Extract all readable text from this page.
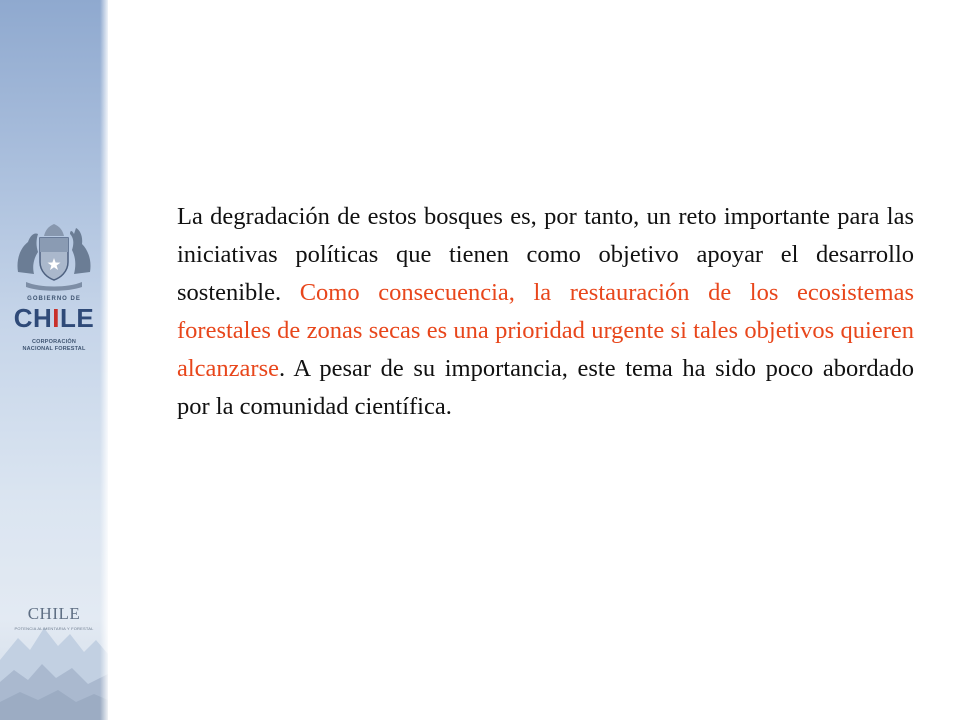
GOBIERNO DE
CHILE
CORPORACIÓN
NACIONAL FORESTAL
CHILE
POTENCIA ALIMENTARIA Y FORESTAL
La degradación de estos bosques es, por tanto, un reto importante para las iniciativas políticas que tienen como objetivo apoyar el desarrollo sostenible. Como consecuencia, la restauración de los ecosistemas forestales de zonas secas es una prioridad urgente si tales objetivos quieren alcanzarse. A pesar de su importancia, este tema ha sido poco abordado por la comunidad científica.
